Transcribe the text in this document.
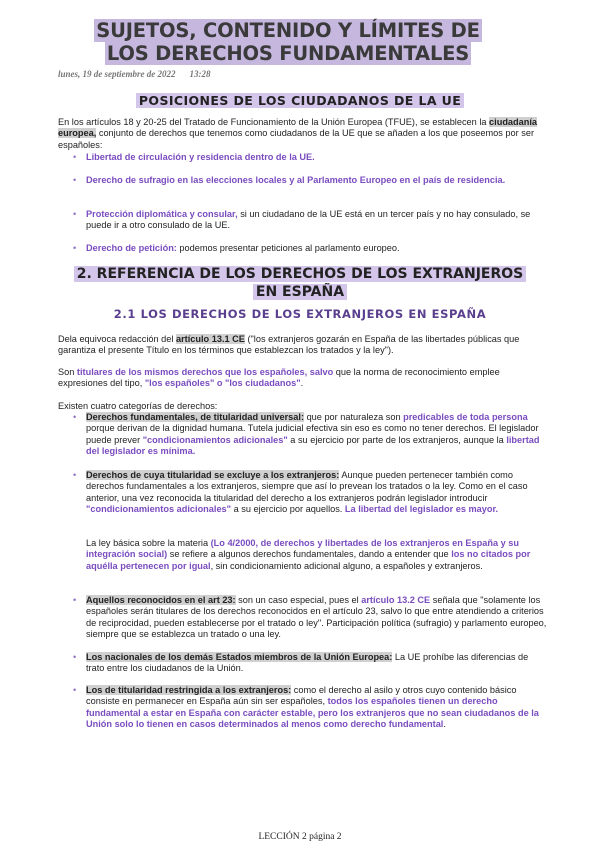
SUJETOS, CONTENIDO Y LÍMITES DE
LOS DERECHOS FUNDAMENTALES
lunes, 19 de septiembre de 2022 13:28
POSICIONES DE LOS CIUDADANOS DE LA UE
En los artículos 18 y 20-25 del Tratado de Funcionamiento de la Unión Europea (TFUE), se establecen la ciudadanía europea, conjunto de derechos que tenemos como ciudadanos de la UE que se añaden a los que poseemos por ser españoles:
• Libertad de circulación y residencia dentro de la UE.
• Derecho de sufragio en las elecciones locales y al Parlamento Europeo en el país de residencia.
• Protección diplomática y consular, si un ciudadano de la UE está en un tercer país y no hay consulado, se puede ir a otro consulado de la UE.
• Derecho de petición: podemos presentar peticiones al parlamento europeo.
2. REFERENCIA DE LOS DERECHOS DE LOS EXTRANJEROS
EN ESPAÑA
2.1 LOS DERECHOS DE LOS EXTRANJEROS EN ESPAÑA
Dela equivoca redacción del artículo 13.1 CE ("los extranjeros gozarán en España de las libertades públicas que garantiza el presente Título en los términos que establezcan los tratados y la ley").
Son titulares de los mismos derechos que los españoles, salvo que la norma de reconocimiento emplee expresiones del tipo, "los españoles" o "los ciudadanos".
Existen cuatro categorías de derechos:
• Derechos fundamentales, de titularidad universal: que por naturaleza son predicables de toda persona porque derivan de la dignidad humana. Tutela judicial efectiva sin eso es como no tener derechos. El legislador puede prever "condicionamientos adicionales" a su ejercicio por parte de los extranjeros, aunque la libertad del legislador es mínima.
• Derechos de cuya titularidad se excluye a los extranjeros: Aunque pueden pertenecer también como derechos fundamentales a los extranjeros, siempre que así lo prevean los tratados o la ley. Como en el caso anterior, una vez reconocida la titularidad del derecho a los extranjeros podrán legislador introducir "condicionamientos adicionales" a su ejercicio por aquellos. La libertad del legislador es mayor.
La ley básica sobre la materia (Lo 4/2000, de derechos y libertades de los extranjeros en España y su integración social) se refiere a algunos derechos fundamentales, dando a entender que los no citados por aquélla pertenecen por igual, sin condicionamiento adicional alguno, a españoles y extranjeros.
• Aquellos reconocidos en el art 23: son un caso especial, pues el artículo 13.2 CE señala que "solamente los españoles serán titulares de los derechos reconocidos en el artículo 23, salvo lo que entre atendiendo a criterios de reciprocidad, pueden establecerse por el tratado o ley". Participación política (sufragio) y parlamento europeo, siempre que se establezca un tratado o una ley.
• Los nacionales de los demás Estados miembros de la Unión Europea: La UE prohíbe las diferencias de trato entre los ciudadanos de la Unión.
• Los de titularidad restringida a los extranjeros: como el derecho al asilo y otros cuyo contenido básico consiste en permanecer en España aún sin ser españoles, todos los españoles tienen un derecho fundamental a estar en España con carácter estable, pero los extranjeros que no sean ciudadanos de la Unión solo lo tienen en casos determinados al menos como derecho fundamental.
LECCIÓN 2 página 2
